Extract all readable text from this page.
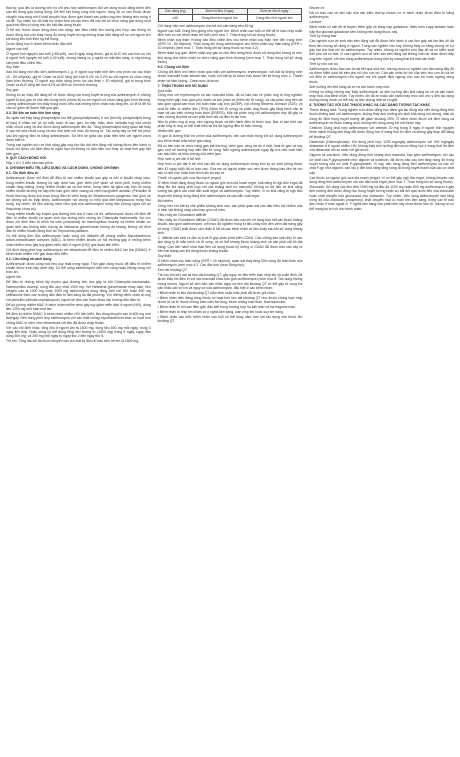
thai kỳ: quá liều là dương tính ho chỉ phù hợp azithromycin đối với dùng thuốc đang bệnh đến sau khi dùng quá lượng dùng. Đã liên kết trong vòng một người, nồng độ có cao thuốc được chuyển hóa cùng với tỉ chất chuyển hóa, được gan thành sau phản ứng như kháng sinh trong ít và để. Tuy nhiên tốc độ thải trừ chậm hơn và cần theo dõi các chỉ số chức năng gan trong suốt quá trình điều trị cũng như khi bắt đầu dùng thuốc.

Ở trẻ em, thuốc được dùng theo cân nặng, cần điều chỉnh liều lượng phù hợp; các thông số dược động học cho thấy nồng độ trong huyết tương không khác biệt đáng kể so với người lớn khi dùng liều tính theo kg thể trọng.

Dược động học ở nhóm bệnh nhân đặc biệt

Người cao tuổi

Ở người tình nguyện cao tuổi (>65 tuổi), sau 5 ngày dùng thuốc, giá trị AUC hơi cao hơn so với ở người tình nguyện trẻ tuổi (<40 tuổi), nhưng không có ý nghĩa về mặt lâm sàng, vì vậy không cần phải điều chỉnh liều.

Suy thận

Sau khi dùng một liều đơn azithromycin 1 g, ở người suy thận nhẹ đến vừa (mức lọc cầu thận 10 - 80 ml/phút), giá trị Cmax và AUC tăng lần lượt 5,1% và 4,2% so với người có chức năng thận bình thường. Ở người suy thận nặng (mức lọc cầu thận < 10 ml/phút), giá trị trung bình Cmax và AUC tăng lần lượt 61% và 35% so với bình thường.

Suy gan

Không có sự thay đổi đáng kể về dược động học trong huyết tương của azithromycin ở những người bị suy gan từ nhẹ đến trung bình (nhóm B) so với người có chức năng gan bình thường. Lượng azithromycin tìm thấy trong nước tiểu của những bệnh nhân này tăng lên, có lẽ là để bù vào sự giảm độ thanh thải qua gan.

4.3. Dữ liệu an toàn tiền lâm sàng

Sự quan sát thấy tăng phospholipid lưu thể (phospholipidosis) ở mô (tích lũy phospholipid trong tế bào) ở nhiều mô (ví dụ mắt, hạch rễ sau, gan, túi mật, thận, lách, và/hoặc tụy) của chuột nhắt, chuột cống và chó được dùng azithromycin liều đa. Tăng phospholipid cũng quan sát thấy ở các mô của chuột cống và chó mới sinh với mức độ tương tự. Tác dụng này có thể hồi phục sau khi ngừng điều trị bằng azithromycin. Sự liên hệ giữa các phát hiện trên với người chưa được biết rõ.

Trong các nghiên cứu về khả năng gây ung thư lâu dài trên động vật không được tiến hành vì thuốc chỉ được chỉ định điều trị ngắn hạn và không có dấu hiệu cho thấy có hoạt tính gây đột biến gen.

5. QUY CÁCH ĐÓNG GÓI

Hộp 1 vỉ x 3 viên nén bao phim.

6. CHỈ ĐỊNH ĐIỀU TRỊ, LIỀU DÙNG VÀ CÁCH DÙNG, CHỐNG CHỈ ĐỊNH

6.1. Chỉ định điều trị

Azithromycin được chỉ định để điều trị các nhiễm khuẩn sau gây ra bởi vi khuẩn nhạy cảm, trong nhiễm khuẩn đường hô hấp dưới bao gồm viêm phế quản và viêm phổi, trong nhiễm khuẩn răng miệng, trong nhiễm khuẩn da và mô mềm, trong viêm tai giữa cấp tính và trong nhiễm khuẩn đường hô hấp trên bao gồm viêm xoang và viêm họng/viêm amidan. (Penicillin là thuốc thường được lựa chọn trong điều trị viêm họng do Streptococcus pyogenes, bao gồm cả dự phòng sốt do thấp khớp. Azithromycin nói chung có hiệu quả diệt streptococci trong hầu họng, tuy nhiên, dữ liệu chứng minh hiệu quả của azithromycin trong việc phòng ngừa sốt do thấp khớp chưa có).

Trong nhiễm khuẩn lây truyền qua đường tình dục ở nam và nữ, azithromycin được chỉ định để điều trị nhiễm khuẩn cơ quan sinh dục không biến chứng do Chlamydia trachomatis. Nó còn được chỉ định điều trị bệnh hạ cam (chancroid) do Haemophilus ducreyi và nhiễm khuẩn cơ quan sinh dục không biến chứng do Neisseria gonorrhoeae không đa kháng; không chỉ định điều trị nhiễm khuẩn đồng thời do Treponema pallidum.

Có thể dùng đơn độc azithromycin hoặc cùng với rifabutin để phòng nhiễm Mycobacterium avium-intracellulare complex (MAC), là bệnh nhiễm khuẩn cơ hội thường gặp ở những bệnh nhân nhiễm virus gây suy giảm miễn dịch ở người (HIV) giai đoạn tiến triển.

Chỉ định dùng phối hợp azithromycin với ethambutol để điều trị nhiễm MAC lan tỏa (DMAC) ở bệnh nhân nhiễm HIV giai đoạn tiến triển.

6.2. Liều dùng và cách dùng

Azithromycin được uống một liều duy nhất trong ngày. Thời gian dùng thuốc để điều trị nhiễm khuẩn được trình bày dưới đây. Có thể uống azithromycin viên nén cùng hoặc không cùng với thức ăn.

Người lớn

Để điều trị những bệnh lây truyền qua đường tình dục gây ra bởi Chlamydia trachomatis, Haemophilus ducreyi, uống liều duy nhất 1000 mg. Với Neisseria gonorrhoeae nhạy cảm, liều khuyến cáo là 1000 mg hoặc 2000 mg azithromycin dùng đồng thời với 250 hoặc 500 mg ceftriaxone theo các hướng dẫn điều trị lâm sàng tại địa phương. Với những bệnh nhân dị ứng với penicillin và/hoặc cephalosporin, người kê đơn cần tham khảo các hướng dẫn điều trị.

Để dự phòng nhiễm MAC ở bệnh nhân nhiễm virus gây suy giảm miễn dịch ở người (HIV), dùng liều 1200 mg mỗi tuần một lần.

Để điều trị nhiễm DMAC ở bệnh nhân nhiễm HIV tiến triển, liều dùng khuyến cáo là 600 mg một lần/ngày. Nên dùng phối hợp azithromycin với các chất chống mycobacterium khác có hoạt tính chống MAC in vitro, như ethambutol với liều đã được chấp thuận.

Với các chỉ định khác, tổng liều ở người lớn là 1500 mg, dùng liều 500 mg mỗi ngày, trong 3 ngày liên tiếp. Hoặc cũng có thể dùng tổng liều tương tự (1500 mg) trong 5 ngày, ngày đầu dùng 500 mg, và 250 mg mỗi ngày từ ngày thứ 2 đến ngày thứ 5.

Trẻ em: Tổng liều tối đa được khuyến cáo cho bất kỳ điều trị nào trên trẻ em là 1500 mg.

Cân nặng (kg)	Bơm từ liều 3 ngày	Bơm từ liều 5 ngày
≥45	Dùng liều như người lớn	Dùng liều như người lớn

Chỉ dùng viên nén azithromycin cho trẻ em cân nặng trên 45 kg.

Người cao tuổi: Dùng liều giống như người lớn. Bệnh nhân cao tuổi có thể dễ bị loạn nhịp xoắn đỉnh hơn so với bệnh nhân trẻ tuổi (xem mục 7. Thận trọng khi sử dụng thuốc).

Bệnh nhân suy thận: Không cần điều chỉnh liều cho bệnh nhân suy thận nhẹ đến trung bình (GFR 10 - 80 ml/phút). Thận trọng khi dùng azithromycin cho bệnh nhân suy thận nặng (GFR < 10 ml/phút) (xem mục 7. Thận trọng khi sử dụng thuốc và mục 4.2).

Bệnh nhân suy gan: Bệnh nhân suy gan từ nhẹ đến trung bình được sử dụng liều tương tự như liều dùng cho bệnh nhân có chức năng gan bình thường (xem mục 7. Thận trọng khi sử dụng thuốc).

6.3. Chống chỉ định

Chống chỉ định cho bệnh nhân quá mẫn với azithromycin, erythromycin, với bất kỳ kháng sinh nhóm macrolid hoặc ketolid nào, hoặc với bất kỳ tá dược nào được liệt kê trong mục 2. Thành phần và hàm lượng - Danh mục tá dược.

7. THẬN TRỌNG KHI SỬ DỤNG

Quá mẫn

Cũng như với erythromycin và các macrolid khác, đã có báo cáo về phản ứng dị ứng nghiêm trọng hiếm gặp, bao gồm phù mạch và sốc phản vệ (hiếm khi tử vong), và các phản ứng trên da bao gồm ngoại ban mụn mủ toàn thân cấp tính (AGEP), hội chứng Stevens Johnson (SJS), và hoại tử biểu bì nhiễm độc (TEN) (hiếm khi tử vong) và phản ứng thuốc gây tăng bạch cầu ái toan và các triệu chứng toàn thân (DRESS). Một vài phản ứng với azithromycin này đã gây ra triệu chứng tái phát và cần phải theo dõi và điều trị lâu hơn.

Nếu bị phản ứng dị ứng, nên ngừng thuốc và tiến hành điều trị thích hợp. Bác sĩ cần biết các phản ứng dị ứng có thể xuất hiện lại khi đã ngừng điều trị triệu chứng.

Nhiễm độc gan

Vì gan là đường thải trừ chính của azithromycin, nên cần thận trọng khi sử dụng azithromycin cho bệnh nhân mắc bệnh gan nặng.

Đã có báo cáo về chức năng gan bất thường, viêm gan, vàng da do ứ mật, hoại tử gan và suy gan, một số trường hợp dẫn đến tử vong. Nên ngừng azithromycin ngay lập tức nếu xuất hiện các dấu hiệu và triệu chứng của viêm gan.

Hẹp môn vị phì đại ở trẻ nhỏ

Hẹp môn vị phì đại ở trẻ nhỏ sau khi sử dụng azithromycin trong thời kỳ sơ sinh (dùng thuốc đến 42 ngày tuổi) đã có báo cáo. Cha mẹ và người chăm sóc nên được thông báo liên hệ với bác sĩ nếu nôn hoặc kích thích khi ăn xảy ra.

Thuốc có nguồn gốc cựa lõa mạch (ergot)

Ở bệnh nhân đang dùng thuốc có nguồn gốc cựa lõa mạch ergot, khả năng bị ngộ độc ergot đã tăng lên khi dùng phối hợp với các kháng sinh họ macrolid. Không có dữ liệu về khả năng tương tác giữa các chất dẫn xuất ergot và azithromycin. Tuy nhiên, vì có khả năng bị ngộ độc ergot nên không dùng đồng thời azithromycin và các dẫn xuất ergot.

Bội nhiễm

Cũng như với bất kỳ chế phẩm kháng sinh nào, cần phải quan sát các dấu hiệu bội nhiễm của vi sinh vật không nhạy cảm bao gồm cả nấm.

Tiêu chảy do Clostridium difficile

Tiêu chảy do Clostridium difficile (CDAD) đã được báo cáo khi sử dụng hầu hết các thuốc kháng khuẩn, bao gồm azithromycin, với mức độ nghiêm trọng từ tiêu chảy nhẹ đến viêm đại tràng gây tử vong. CDAD phải được cân nhắc ở tất cả các bệnh nhân có tiêu chảy sau khi sử dụng kháng sinh.

C. difficile sản sinh ra độc tố A và B góp phần phát triển CDAD. Các chủng sản sinh độc tố cao làm tăng tỷ lệ mắc bệnh và tử vong, và có thể kháng thuốc kháng sinh và cần phải cắt bỏ đại tràng. Cần tiến hành khai thác tiền sử dùng thuốc kỹ lưỡng vì CDAD đã được báo cáo xảy ra trên hai tháng sau khi dùng thuốc kháng khuẩn.

Suy thận

Ở bệnh nhân suy thận nặng (GFR < 10 ml/phút), quan sát thấy tăng 33% nồng độ toàn thân của azithromycin (xem mục 4.2. Các đặc tính dược động học).

Kéo dài khoảng QT

Tái cực tim kéo dài và kéo dài khoảng QT, gây nguy cơ tiến triển loạn nhịp tim và xoắn đỉnh, đã được thấy khi điều trị với các macrolid khác bao gồm azithromycin (xem mục 8. Tác dụng không mong muốn). Người kê đơn nên cân nhắc nguy cơ kéo dài khoảng QT có thể gây tử vong khi cân nhắc các lợi ích và nguy cơ của azithromycin, đặc biệt ở các bệnh nhân:

• Bệnh nhân bị kéo dài khoảng QT bẩm sinh hoặc mắc phải đã được ghi nhận.

• Bệnh nhân hiện đang dùng thuốc có hoạt tính kéo dài khoảng QT như thuốc chống loạn nhịp nhóm IA và III, thuốc chống trầm cảm ba vòng, thuốc chống loạn thần, fluoroquinolon.

• Bệnh nhân bị rối loạn điện giải, đặc biệt trong trường hợp hạ kali máu và hạ magnesi máu.

• Bệnh nhân bị nhịp tim chậm có ý nghĩa lâm sàng, loạn nhịp tim hoặc suy tim nặng.

• Bệnh nhân cao tuổi: bệnh nhân cao tuổi có thể nhạy cảm hơn với tác dụng của thuốc lên khoảng QT.

Nhược cơ

Đã có báo cáo về đợt cấp của các triệu chứng nhược cơ ở bệnh nhân được điều trị bằng azithromycin.

Lactose

Bệnh nhân có vấn đề di truyền hiếm gặp về dung nạp galactose, thiếu men Lapp lactase hoặc hấp thu glucose-galactose kém không nên dùng thuốc này.

Thời kỳ mang thai

Các nghiên cứu về sinh sản trên động vật đã được tiến hành ở các liều gấp vài lần liều tối đa theo liều lượng sử dụng ở người. Trong các nghiên cứu này, không thấy có bằng chứng về sự gây hại cho thai nhi do azithromycin. Tuy nhiên, không có nghiên cứu đầy đủ và có kiểm soát trên phụ nữ có thai. Vì các nghiên cứu về sinh sản trên động vật không luôn dự đoán được đáp ứng trên người, chỉ nên dùng azithromycin trong thời kỳ mang thai khi thật cần thiết.

Thời kỳ cho con bú

Azithromycin được báo cáo là bài tiết qua sữa mẹ, nhưng chưa có nghiên cứu lâm sàng đầy đủ và được kiểm soát tốt trên phụ nữ cho con bú. Cần cân nhắc lợi ích của việc cho con bú và lợi ích điều trị azithromycin cho người mẹ khi quyết định ngừng cho con bú hoặc ngừng dùng thuốc.

Ảnh hưởng lên khả năng lái xe và vận hành máy móc

Không có bằng chứng cho thấy azithromycin có ảnh hưởng đến khả năng lái xe và vận hành máy móc của bệnh nhân. Tuy nhiên, khi lái xe hoặc vận hành máy móc cần chú ý đến tác dụng không mong muốn có thể xảy ra như chóng mặt và co giật.

8. TƯƠNG TÁC VỚI CÁC THUỐC KHÁC VÀ CÁC DẠNG TƯƠNG TÁC KHÁC

Thuốc kháng acid: Trong nghiên cứu dược động học đánh giá tác động của việc dùng đồng thời thuốc kháng acid với azithromycin, không thấy ảnh hưởng lên sinh khả dụng nói chung, mặc dù nồng độ đỉnh trong huyết tương đã giảm khoảng 25%. Ở bệnh nhân được chỉ định dùng cả azithromycin và thuốc kháng acid, không nên dùng cùng lúc hai thuốc này.

Cetirizin: Dùng phối hợp azithromycin với cetirizin 20 mg trong 5 ngày ở người tình nguyện khỏe mạnh không làm thay đổi dược động học ở trạng thái ổn định và không gây thay đổi đáng kể khoảng QT.

Didanosin (Dideoxyinosin): Khi dùng phối hợp 1200 mg/ngày azithromycin với 400 mg/ngày didanosin ở 6 người nhiễm HIV, không thấy ảnh hưởng đến dược động học ở trạng thái ổn định của didanosin khi so sánh với giả dược.

Digoxin và colchicin: Việc dùng đồng thời kháng sinh macrolid, bao gồm azithromycin, với các cơ chất của P-glycoprotein như digoxin và colchicin, đã được báo cáo làm tăng nồng độ trong huyết tương của cơ chất P-glycoprotein. Vì vậy, nếu dùng đồng thời azithromycin và các cơ chất P-gp như digoxin, cần lưu ý đến khả năng tăng nồng độ trong huyết thanh của các cơ chất này.

Các thuốc có nguồn gốc cựa lõa mạch (ergot): Vì có thể gây ngộ độc ergot, không khuyến cáo dùng đồng thời azithromycin với các dẫn xuất ergot (xem mục 7. Thận trọng khi sử dụng thuốc).

Zidovudin: Sử dụng các liều đơn 1000 mg và liều đa 1200 mg hoặc 600 mg azithromycin ít gây ảnh hưởng đến dược động học trong huyết tương hoặc sự bài tiết qua nước tiểu của zidovudin hoặc chất chuyển hóa glucuronid của zidovudin. Tuy nhiên, việc dùng azithromycin làm tăng nồng độ của zidovudin phosphoryl, chất chuyển hóa có hoạt tính lâm sàng, trong các tế bào đơn nhân ở máu ngoại vi. Ý nghĩa lâm sàng của phát hiện này chưa được làm rõ, nhưng nó có thể mang lại lợi ích cho bệnh nhân.
